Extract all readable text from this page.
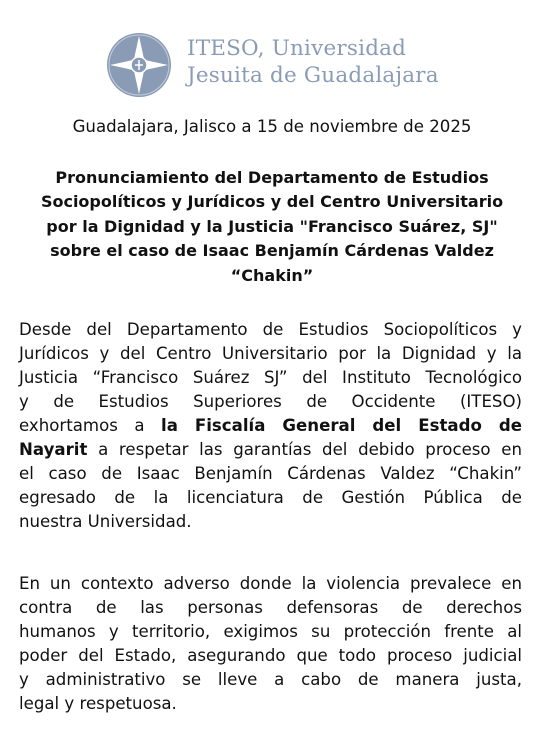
ITESO, Universidad
Jesuita de Guadalajara
Guadalajara, Jalisco a 15 de noviembre de 2025
Pronunciamiento del Departamento de Estudios
Sociopolíticos y Jurídicos y del Centro Universitario
por la Dignidad y la Justicia "Francisco Suárez, SJ"
sobre el caso de Isaac Benjamín Cárdenas Valdez
“Chakin”
Desde del Departamento de Estudios Sociopolíticos y
Jurídicos y del Centro Universitario por la Dignidad y la
Justicia “Francisco Suárez SJ” del Instituto Tecnológico
y de Estudios Superiores de Occidente (ITESO)
exhortamos a la Fiscalía General del Estado de
Nayarit a respetar las garantías del debido proceso en
el caso de Isaac Benjamín Cárdenas Valdez “Chakin”
egresado de la licenciatura de Gestión Pública de
nuestra Universidad.
En un contexto adverso donde la violencia prevalece en
contra de las personas defensoras de derechos
humanos y territorio, exigimos su protección frente al
poder del Estado, asegurando que todo proceso judicial
y administrativo se lleve a cabo de manera justa,
legal y respetuosa.
